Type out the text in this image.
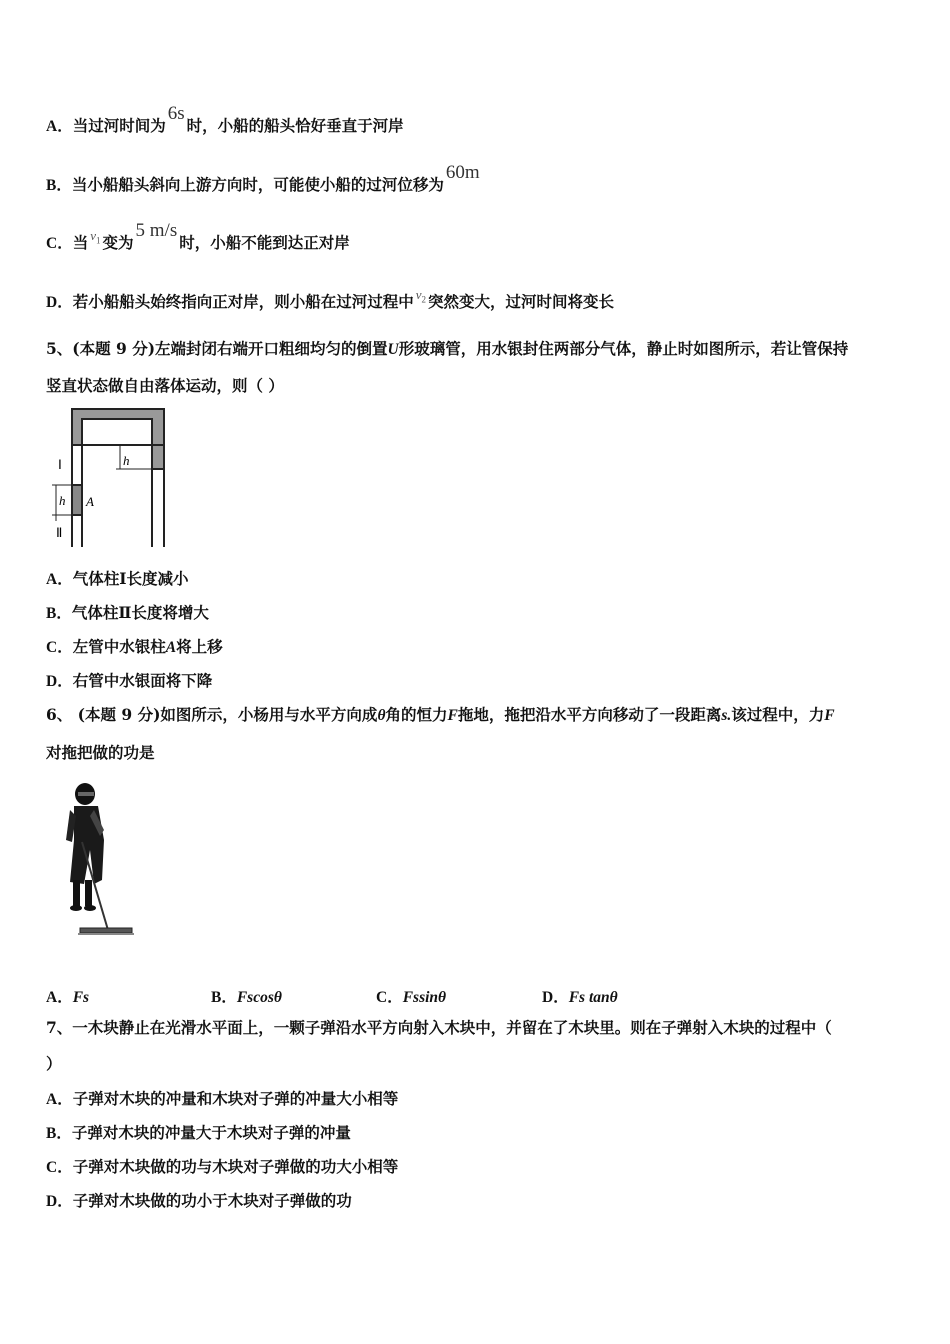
A．当过河时间为6s时，小船的船头恰好垂直于河岸
B．当小船船头斜向上游方向时，可能使小船的过河位移为60m
C．当 $v_1$ 变为5 m/s时，小船不能到达正对岸
D．若小船船头始终指向正对岸，则小船在过河过程中 $v_2$ 突然变大，过河时间将变长
5、(本题 9 分)左端封闭右端开口粗细均匀的倒置U形玻璃管，用水银封住两部分气体，静止时如图所示，若让管保持
竖直状态做自由落体运动，则（ ）
Ⅰ	h
h A
Ⅱ
A．气体柱Ⅰ长度减小
B．气体柱Ⅱ长度将增大
C．左管中水银柱A将上移
D．右管中水银面将下降
6、 (本题 9 分)如图所示，小杨用与水平方向成θ角的恒力F拖地，拖把沿水平方向移动了一段距离s.该过程中，力F
对拖把做的功是
A．Fs	B．Fscosθ	C．Fssinθ	D．Fs tanθ
7、一木块静止在光滑水平面上，一颗子弹沿水平方向射入木块中，并留在了木块里。则在子弹射入木块的过程中（
）
A．子弹对木块的冲量和木块对子弹的冲量大小相等
B．子弹对木块的冲量大于木块对子弹的冲量
C．子弹对木块做的功与木块对子弹做的功大小相等
D．子弹对木块做的功小于木块对子弹做的功
